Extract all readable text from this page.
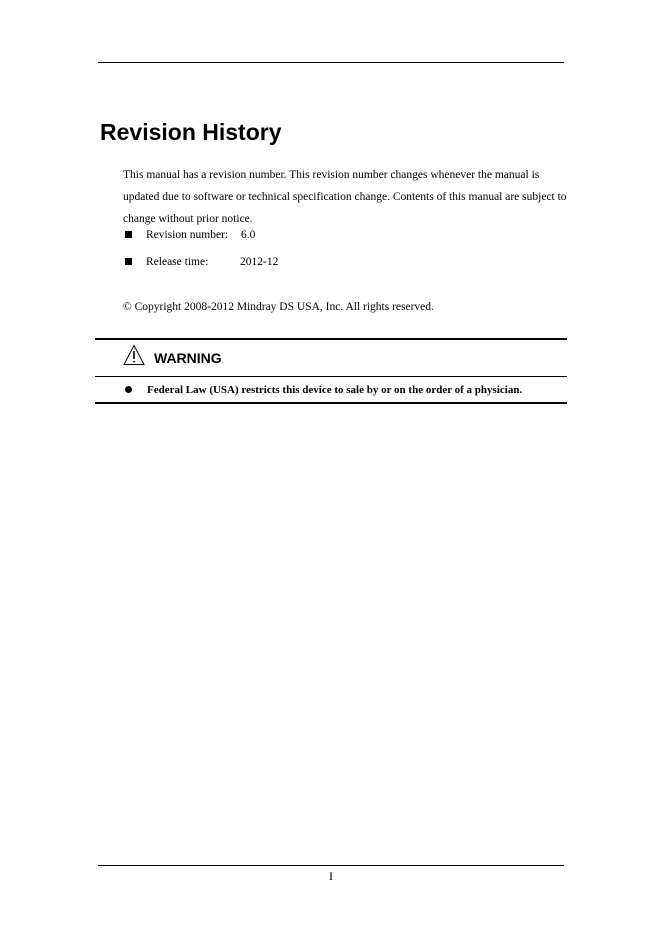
Revision History

This manual has a revision number. This revision number changes whenever the manual is updated due to software or technical specification change. Contents of this manual are subject to change without prior notice.

Revision number: 6.0
Release time:	2012-12

© Copyright 2008-2012 Mindray DS USA, Inc. All rights reserved.

WARNING
Federal Law (USA) restricts this device to sale by or on the order of a physician.
I
